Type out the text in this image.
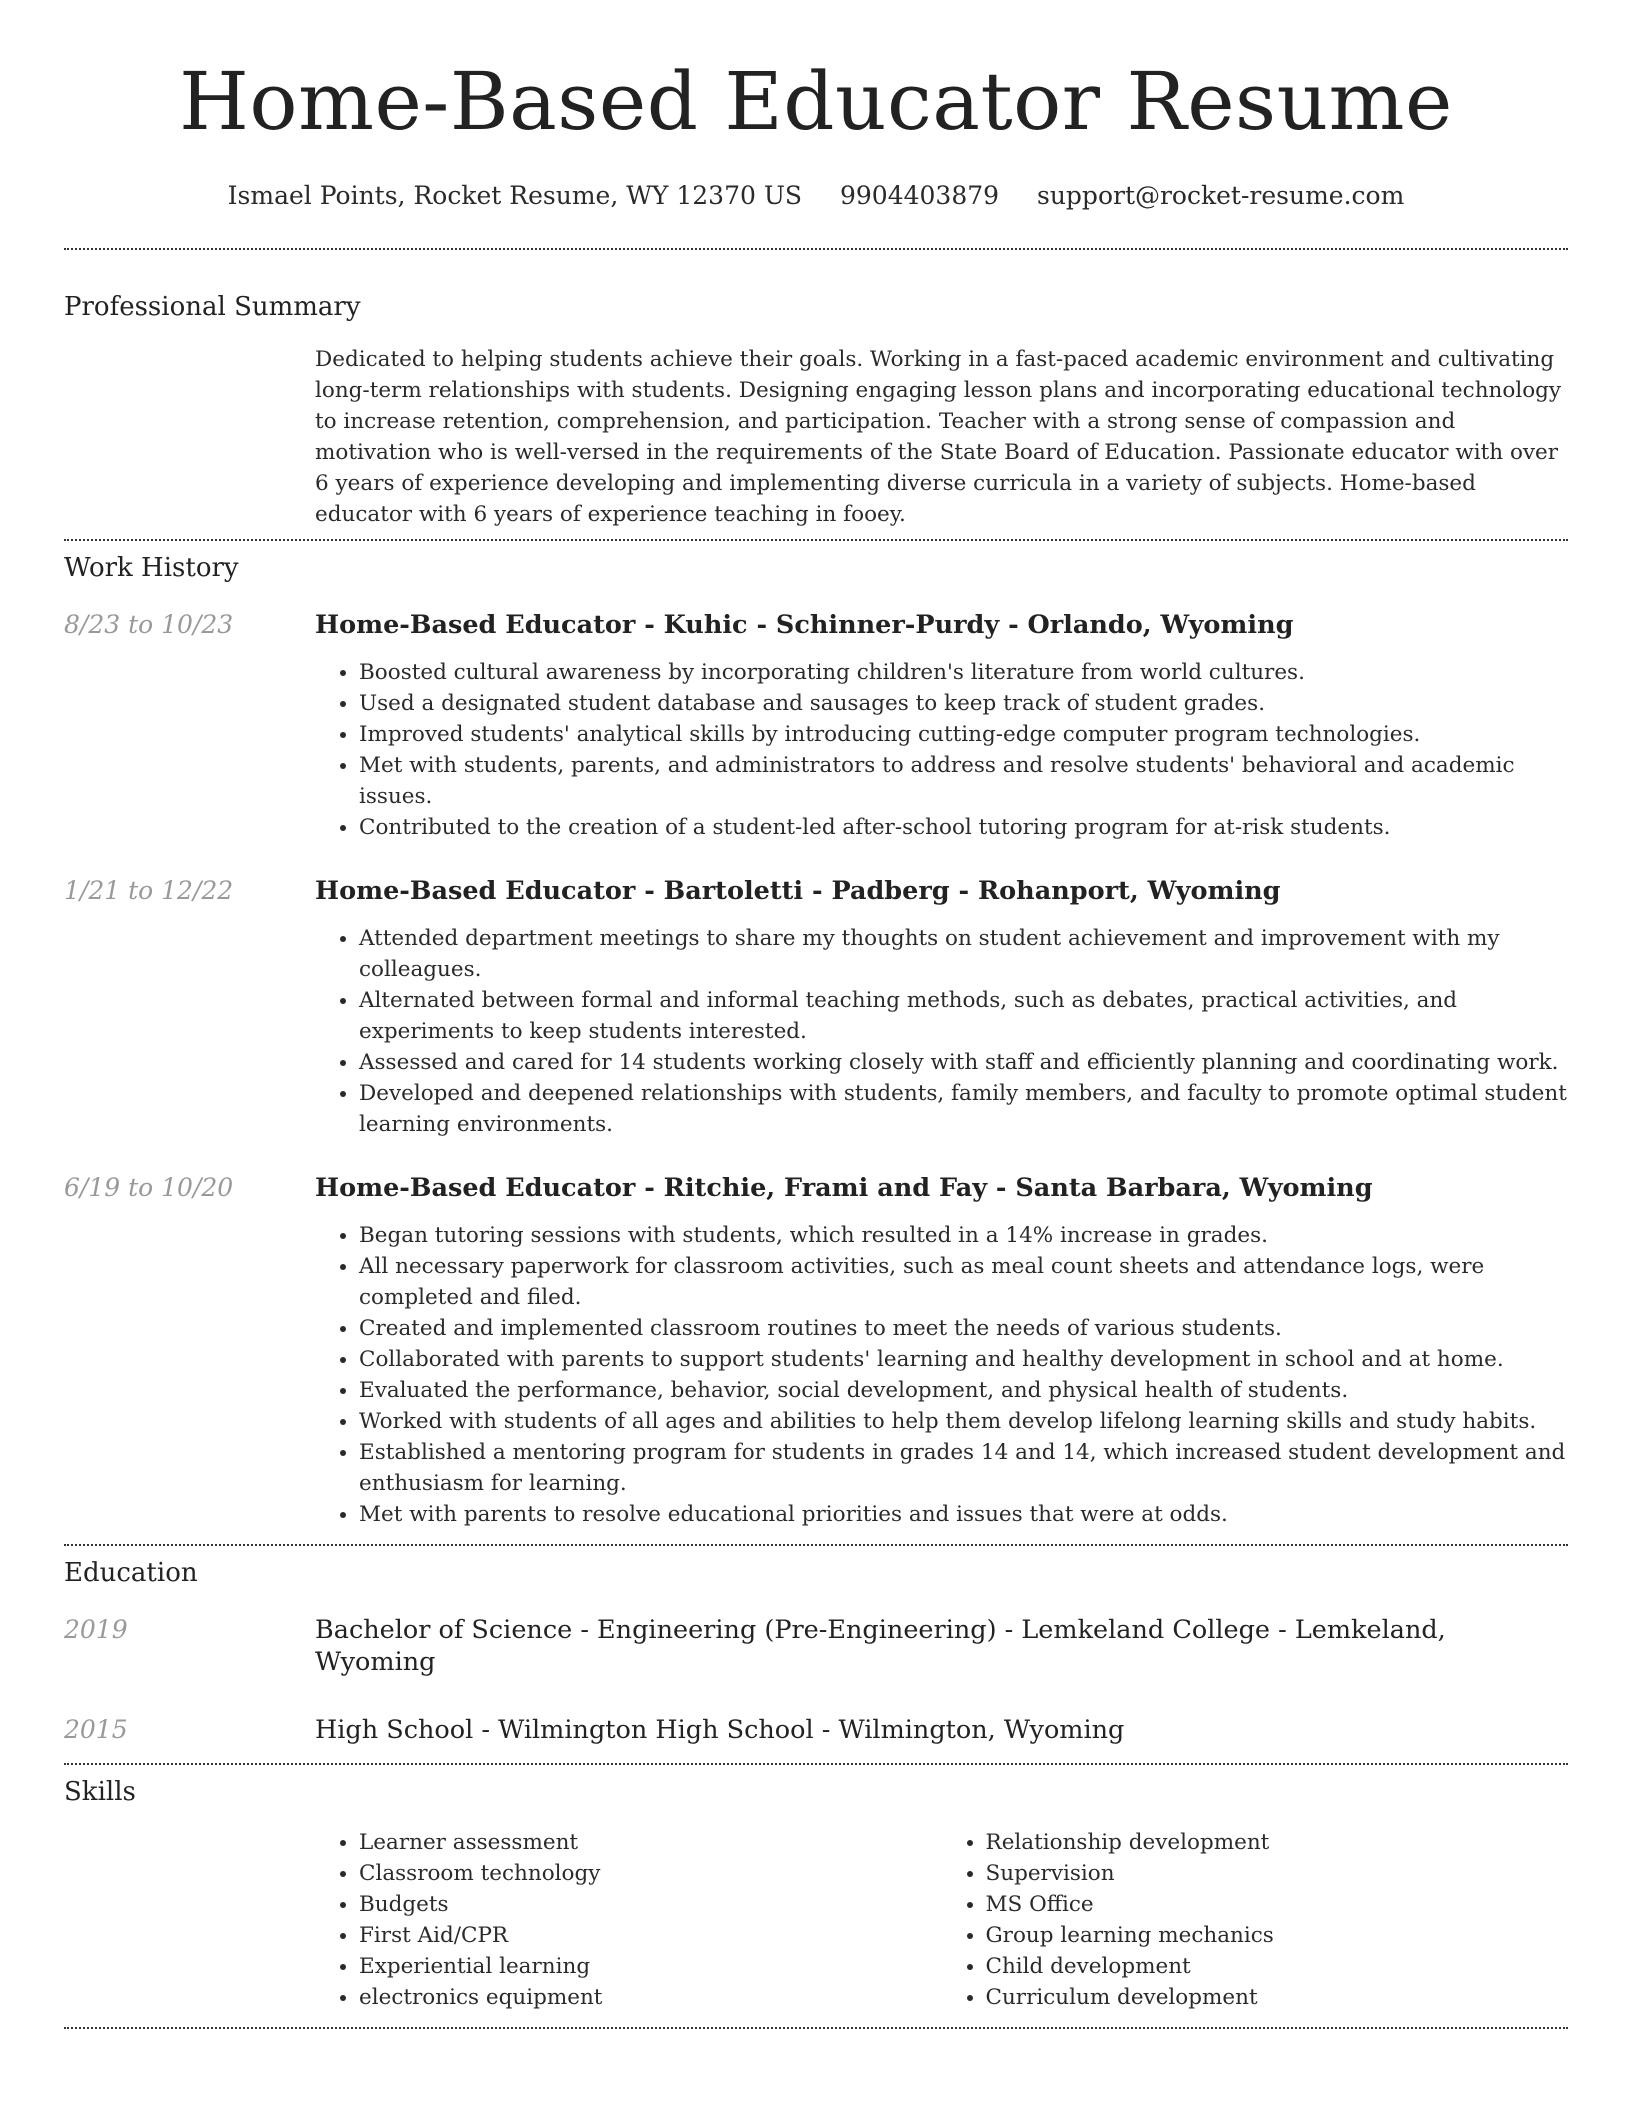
Home-Based Educator Resume
Ismael Points, Rocket Resume, WY 12370 US 9904403879 support@rocket-resume.com
Professional Summary

Dedicated to helping students achieve their goals. Working in a fast-paced academic environment and cultivating long-term relationships with students. Designing engaging lesson plans and incorporating educational technology to increase retention, comprehension, and participation. Teacher with a strong sense of compassion and motivation who is well-versed in the requirements of the State Board of Education. Passionate educator with over 6 years of experience developing and implementing diverse curricula in a variety of subjects. Home-based educator with 6 years of experience teaching in fooey.

Work History
8/23 to 10/23	Home-Based Educator - Kuhic - Schinner-Purdy - Orlando, Wyoming
• Boosted cultural awareness by incorporating children's literature from world cultures.
• Used a designated student database and sausages to keep track of student grades.
• Improved students' analytical skills by introducing cutting-edge computer program technologies.
• Met with students, parents, and administrators to address and resolve students' behavioral and academic issues.
• Contributed to the creation of a student-led after-school tutoring program for at-risk students.
1/21 to 12/22	Home-Based Educator - Bartoletti - Padberg - Rohanport, Wyoming
• Attended department meetings to share my thoughts on student achievement and improvement with my colleagues.
• Alternated between formal and informal teaching methods, such as debates, practical activities, and experiments to keep students interested.
• Assessed and cared for 14 students working closely with staff and efficiently planning and coordinating work.
• Developed and deepened relationships with students, family members, and faculty to promote optimal student learning environments.
6/19 to 10/20	Home-Based Educator - Ritchie, Frami and Fay - Santa Barbara, Wyoming
• Began tutoring sessions with students, which resulted in a 14% increase in grades.
• All necessary paperwork for classroom activities, such as meal count sheets and attendance logs, were completed and filed.
• Created and implemented classroom routines to meet the needs of various students.
• Collaborated with parents to support students' learning and healthy development in school and at home.
• Evaluated the performance, behavior, social development, and physical health of students.
• Worked with students of all ages and abilities to help them develop lifelong learning skills and study habits.
• Established a mentoring program for students in grades 14 and 14, which increased student development and enthusiasm for learning.
• Met with parents to resolve educational priorities and issues that were at odds.
Education
2019	Bachelor of Science - Engineering (Pre-Engineering) - Lemkeland College - Lemkeland, Wyoming
2015	High School - Wilmington High School - Wilmington, Wyoming
Skills
• Learner assessment
• Classroom technology
• Budgets
• First Aid/CPR
• Experiential learning
• electronics equipment
• Relationship development
• Supervision
• MS Office
• Group learning mechanics
• Child development
• Curriculum development
